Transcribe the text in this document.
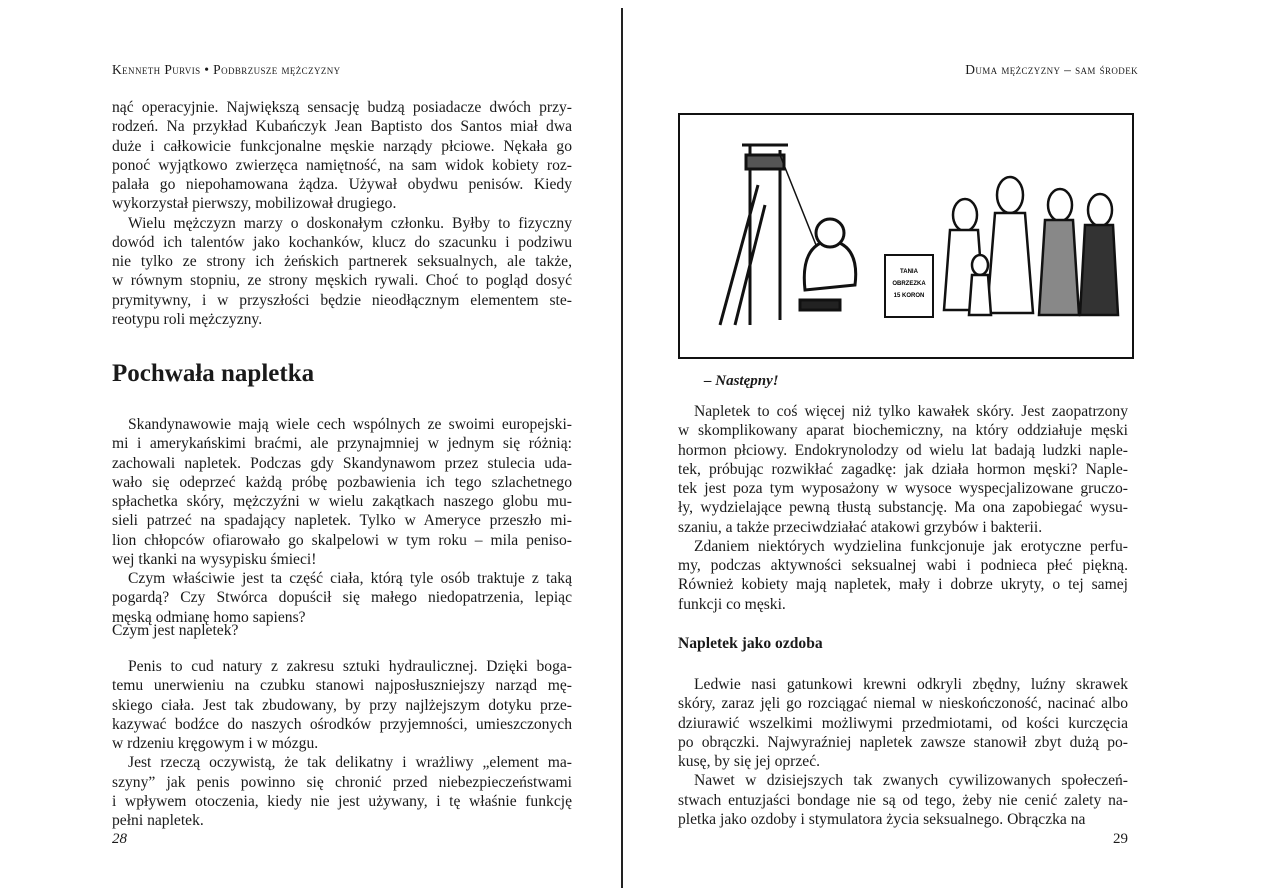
Kenneth Purvis • Podbrzusze mężczyzny
nąć operacyjnie. Największą sensację budzą posiadacze dwóch przy-
rodzeń. Na przykład Kubańczyk Jean Baptisto dos Santos miał dwa
duże i całkowicie funkcjonalne męskie narządy płciowe. Nękała go
ponoć wyjątkowo zwierzęca namiętność, na sam widok kobiety roz-
palała go niepohamowana żądza. Używał obydwu penisów. Kiedy
wykorzystał pierwszy, mobilizował drugiego.
Wielu mężczyzn marzy o doskonałym członku. Byłby to fizyczny
dowód ich talentów jako kochanków, klucz do szacunku i podziwu
nie tylko ze strony ich żeńskich partnerek seksualnych, ale także,
w równym stopniu, ze strony męskich rywali. Choć to pogląd dosyć
prymitywny, i w przyszłości będzie nieodłącznym elementem ste-
reotypu roli mężczyzny.
Pochwała napletka
Skandynawowie mają wiele cech wspólnych ze swoimi europejski-
mi i amerykańskimi braćmi, ale przynajmniej w jednym się różnią:
zachowali napletek. Podczas gdy Skandynawom przez stulecia uda-
wało się odeprzeć każdą próbę pozbawienia ich tego szlachetnego
spłachetka skóry, mężczyźni w wielu zakątkach naszego globu mu-
sieli patrzeć na spadający napletek. Tylko w Ameryce przeszło mi-
lion chłopców ofiarowało go skalpelowi w tym roku – mila peniso-
wej tkanki na wysypisku śmieci!
Czym właściwie jest ta część ciała, którą tyle osób traktuje z taką
pogardą? Czy Stwórca dopuścił się małego niedopatrzenia, lepiąc
męską odmianę homo sapiens?
Czym jest napletek?
Penis to cud natury z zakresu sztuki hydraulicznej. Dzięki boga-
temu unerwieniu na czubku stanowi najposłuszniejszy narząd mę-
skiego ciała. Jest tak zbudowany, by przy najlżejszym dotyku prze-
kazywać bodźce do naszych ośrodków przyjemności, umieszczonych
w rdzeniu kręgowym i w mózgu.
Jest rzeczą oczywistą, że tak delikatny i wrażliwy „element ma-
szyny” jak penis powinno się chronić przed niebezpieczeństwami
i wpływem otoczenia, kiedy nie jest używany, i tę właśnie funkcję
pełni napletek.
28
Duma mężczyzny – sam środek
TANIA
OBRZEZKA
15 KORON
– Następny!
Napletek to coś więcej niż tylko kawałek skóry. Jest zaopatrzony
w skomplikowany aparat biochemiczny, na który oddziałuje męski
hormon płciowy. Endokrynolodzy od wielu lat badają ludzki naple-
tek, próbując rozwikłać zagadkę: jak działa hormon męski? Naple-
tek jest poza tym wyposażony w wysoce wyspecjalizowane gruczo-
ły, wydzielające pewną tłustą substancję. Ma ona zapobiegać wysu-
szaniu, a także przeciwdziałać atakowi grzybów i bakterii.
Zdaniem niektórych wydzielina funkcjonuje jak erotyczne perfu-
my, podczas aktywności seksualnej wabi i podnieca płeć piękną.
Również kobiety mają napletek, mały i dobrze ukryty, o tej samej
funkcji co męski.
Napletek jako ozdoba
Ledwie nasi gatunkowi krewni odkryli zbędny, luźny skrawek
skóry, zaraz jęli go rozciągać niemal w nieskończoność, nacinać albo
dziurawić wszelkimi możliwymi przedmiotami, od kości kurczęcia
po obrączki. Najwyraźniej napletek zawsze stanowił zbyt dużą po-
kusę, by się jej oprzeć.
Nawet w dzisiejszych tak zwanych cywilizowanych społeczeń-
stwach entuzjaści bondage nie są od tego, żeby nie cenić zalety na-
pletka jako ozdoby i stymulatora życia seksualnego. Obrączka na
29
